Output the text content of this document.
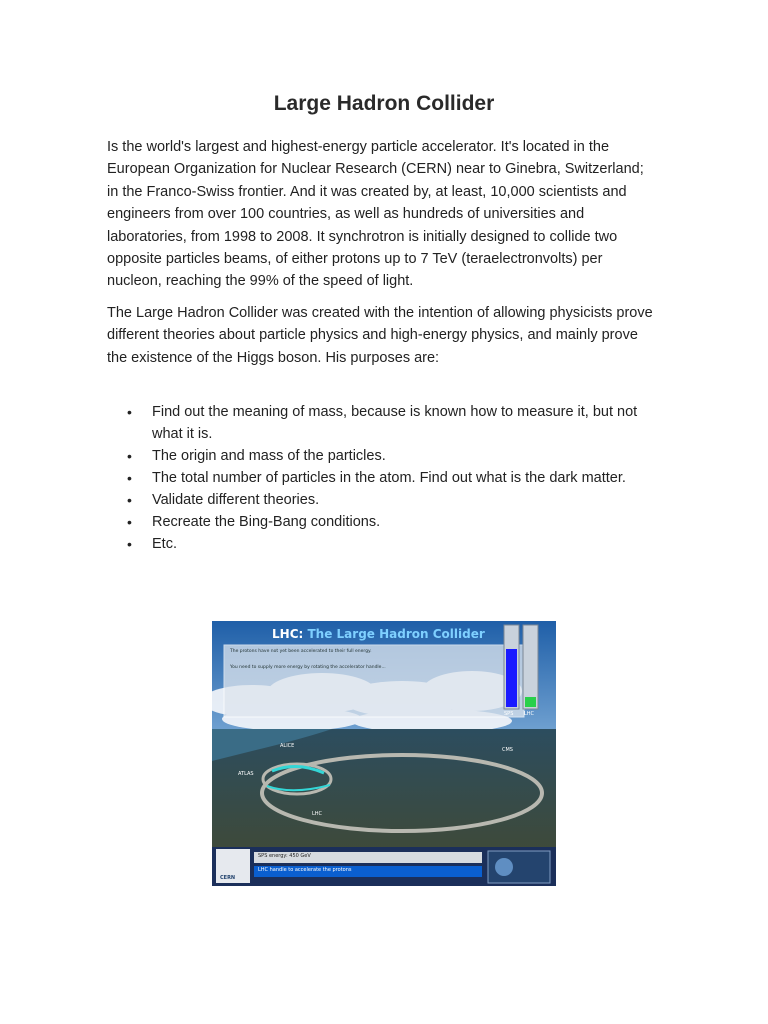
Large Hadron Collider
Is the world's largest and highest-energy particle accelerator. It's located in the European Organization for Nuclear Research (CERN) near to Ginebra, Switzerland; in the Franco-Swiss frontier. And it was created by, at least, 10,000 scientists and engineers from over 100 countries, as well as hundreds of universities and laboratories, from 1998 to 2008. It synchrotron is initially designed to collide two opposite particles beams, of either protons up to 7 TeV (teraelectronvolts) per nucleon, reaching the 99% of the speed of light.
The Large Hadron Collider was created with the intention of allowing physicists prove different theories about particle physics and high-energy physics, and mainly prove the existence of the Higgs boson. His purposes are:
• Find out the meaning of mass, because is known how to measure it, but not what it is.
• The origin and mass of the particles.
• The total number of particles in the atom. Find out what is the dark matter.
• Validate different theories.
• Recreate the Bing-Bang conditions.
• Etc.
LHC: The Large Hadron Collider
The protons have not yet been accelerated to their full energy.
You need to supply more energy by rotating the accelerator handle...
SPS LHC
ALICE
ATLAS
CMS
LHC
SPS energy: 450 GeV
LHC handle to accelerate the protons
CERN
